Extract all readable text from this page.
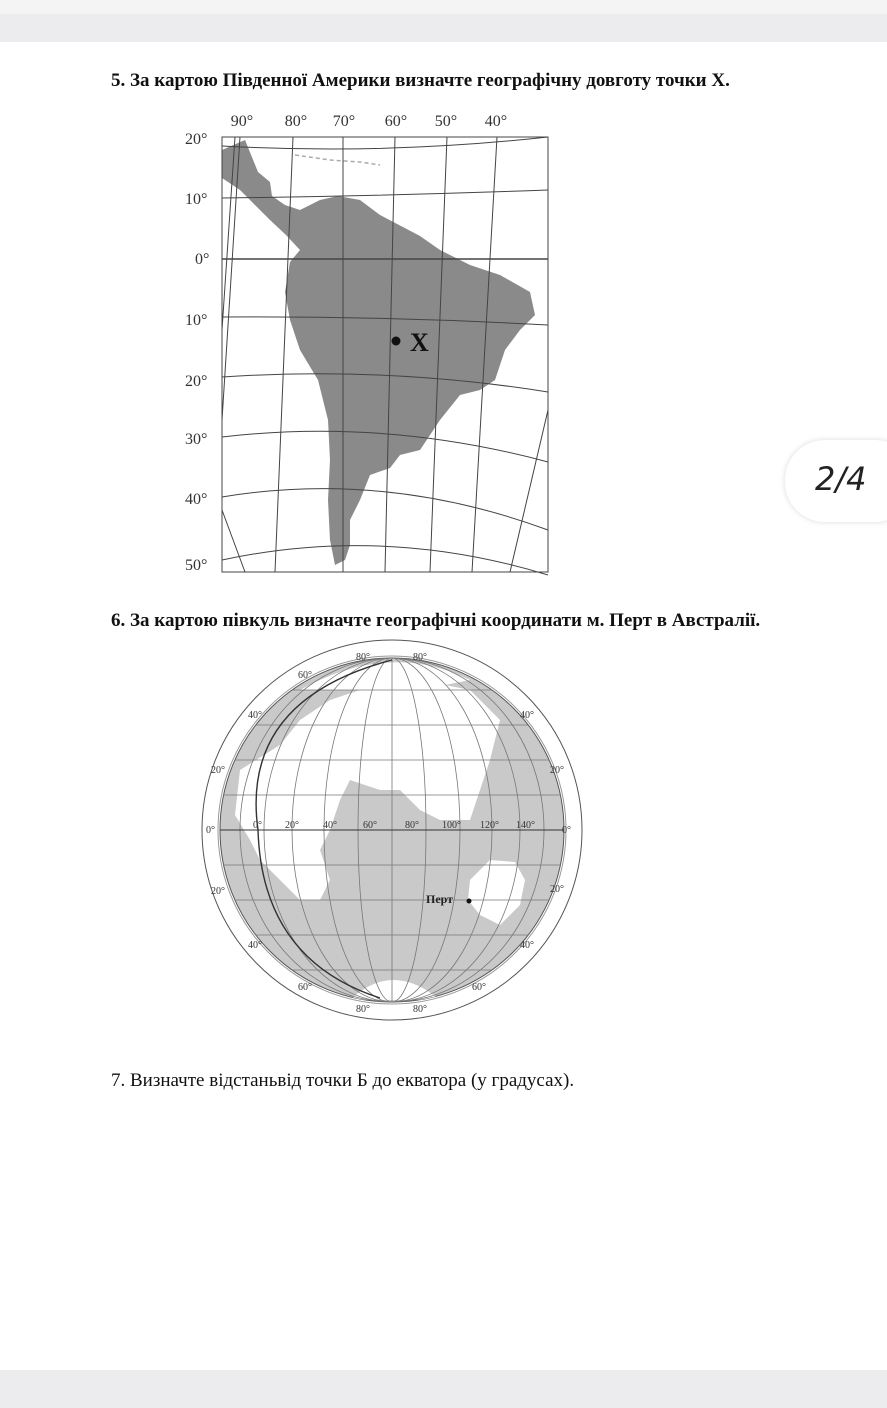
5. За картою Південної Америки визначте географічну довготу точки X.
90° 80° 70° 60° 50° 40°
20°
10°
0°
10°
20°
30°
40°
50°
X
2/4
6. За картою півкуль визначте географічні координати м. Перт в Австралії.
0° 20° 40°	60°	80° 100° 120° 140°
0°	0°
20°	20°
20°	20°
40°	40°
40°	40°
60°
60°	60°
80°	80°
80°	80°
Перт
7. Визначте відстаньвід точки Б до екватора (у градусах).
